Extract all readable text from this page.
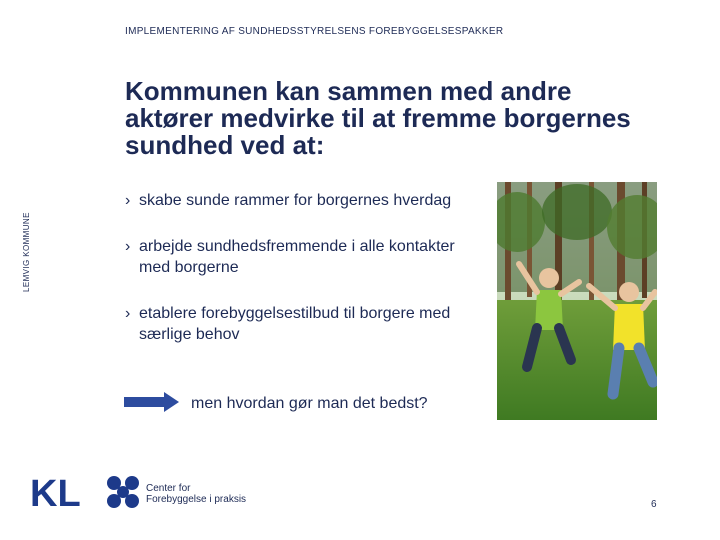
IMPLEMENTERING AF SUNDHEDSSTYRELSENS FOREBYGGELSESPAKKER
LEMVIG KOMMUNE
Kommunen kan sammen med andre aktører medvirke til at fremme borgernes sundhed ved at:
› skabe sunde rammer for borgernes hverdag
› arbejde sundhedsfremmende i alle kontakter med borgerne
› etablere forebyggelsestilbud til borgere med særlige behov
men hvordan gør man det bedst?
KL	Center for
Forebyggelse i praksis	6
